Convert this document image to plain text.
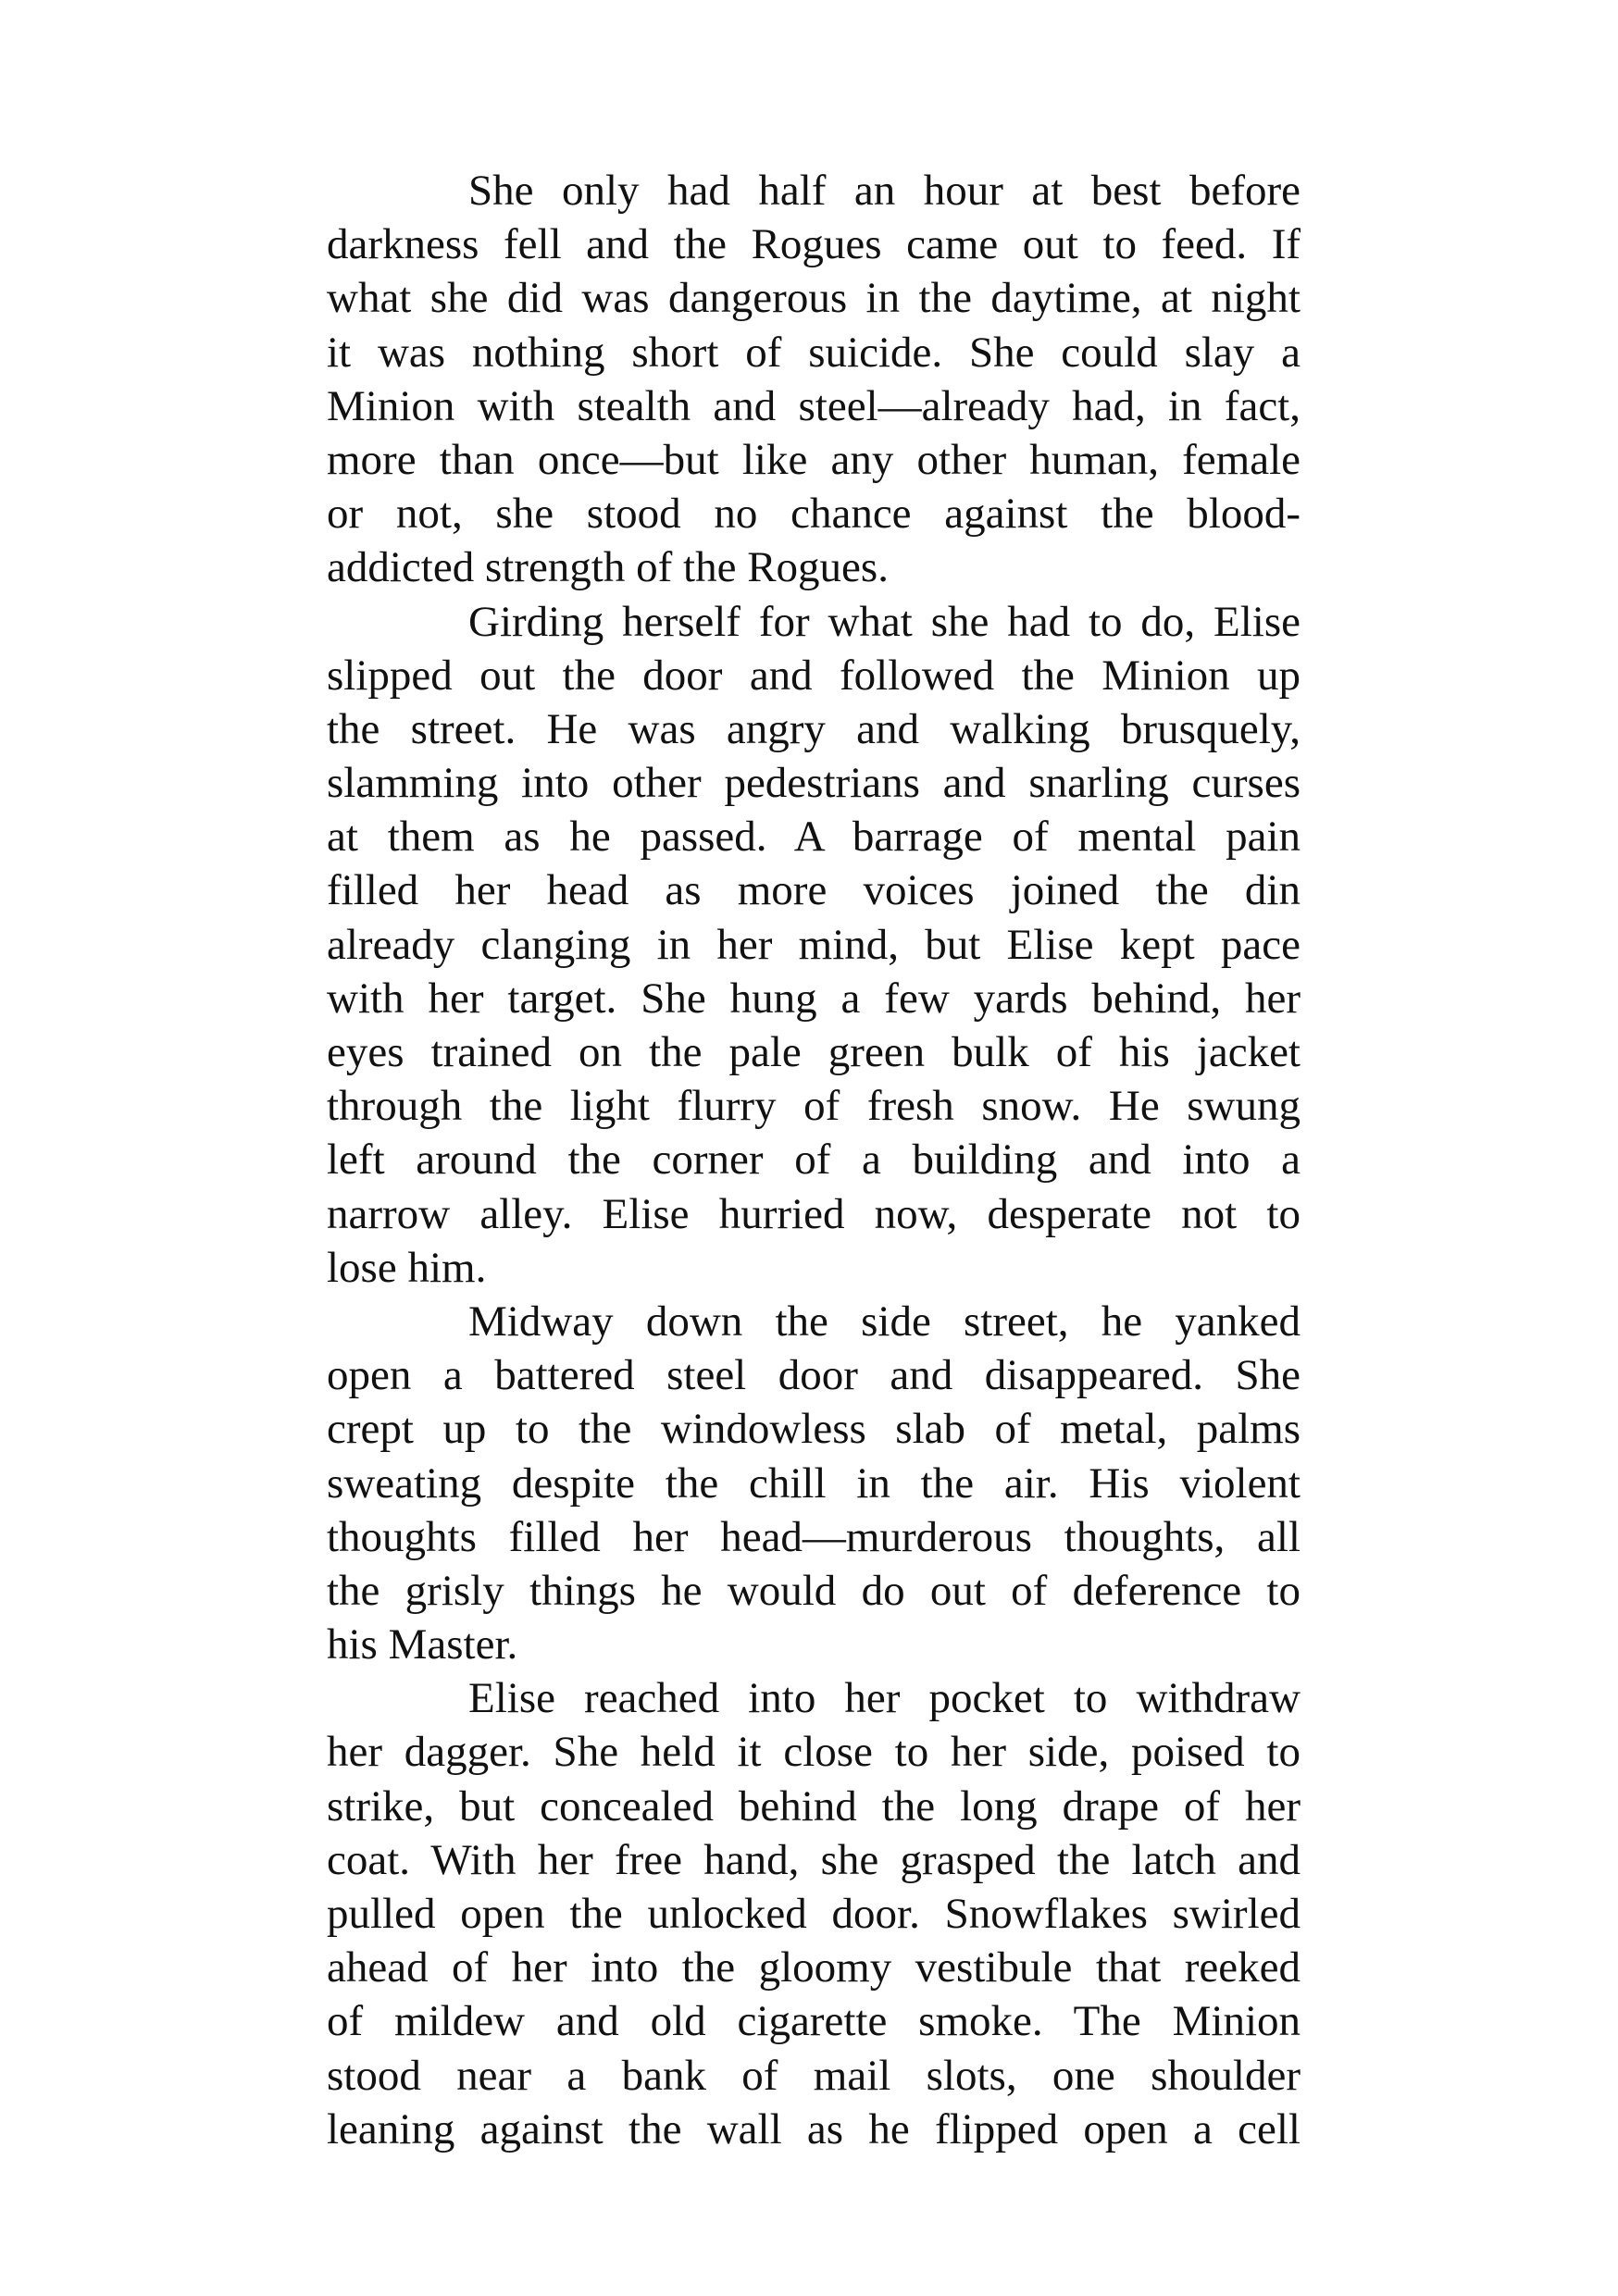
She only had half an hour at best before
darkness fell and the Rogues came out to feed. If
what she did was dangerous in the daytime, at night
it was nothing short of suicide. She could slay a
Minion with stealth and steel—already had, in fact,
more than once—but like any other human, female
or not, she stood no chance against the blood-
addicted strength of the Rogues.
Girding herself for what she had to do, Elise
slipped out the door and followed the Minion up
the street. He was angry and walking brusquely,
slamming into other pedestrians and snarling curses
at them as he passed. A barrage of mental pain
filled her head as more voices joined the din
already clanging in her mind, but Elise kept pace
with her target. She hung a few yards behind, her
eyes trained on the pale green bulk of his jacket
through the light flurry of fresh snow. He swung
left around the corner of a building and into a
narrow alley. Elise hurried now, desperate not to
lose him.
Midway down the side street, he yanked
open a battered steel door and disappeared. She
crept up to the windowless slab of metal, palms
sweating despite the chill in the air. His violent
thoughts filled her head—murderous thoughts, all
the grisly things he would do out of deference to
his Master.
Elise reached into her pocket to withdraw
her dagger. She held it close to her side, poised to
strike, but concealed behind the long drape of her
coat. With her free hand, she grasped the latch and
pulled open the unlocked door. Snowflakes swirled
ahead of her into the gloomy vestibule that reeked
of mildew and old cigarette smoke. The Minion
stood near a bank of mail slots, one shoulder
leaning against the wall as he flipped open a cell
